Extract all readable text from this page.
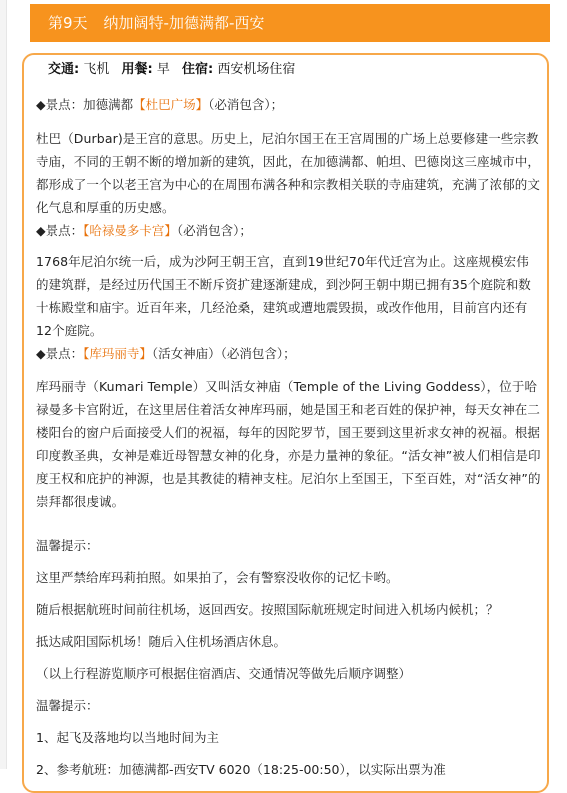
第9天 纳加阔特-加德满都-西安
交通: 飞机 用餐: 早 住宿: 西安机场住宿

◆景点：加德满都【杜巴广场】（必消包含）；

杜巴（Durbar)是王宫的意思。历史上，尼泊尔国王在王宫周围的广场上总要修建一些宗教寺庙，不同的王朝不断的增加新的建筑，因此，在加德满都、帕坦、巴德岗这三座城市中，都形成了一个以老王宫为中心的在周围布满各种和宗教相关联的寺庙建筑，充满了浓郁的文化气息和厚重的历史感。

◆景点：【哈禄曼多卡宫】（必消包含）；

1768年尼泊尔统一后，成为沙阿王朝王宫，直到19世纪70年代迁宫为止。这座规模宏伟的建筑群，是经过历代国王不断斥资扩建逐渐建成，到沙阿王朝中期已拥有35个庭院和数十栋殿堂和庙宇。近百年来，几经沧桑，建筑或遭地震毁损，或改作他用，目前宫内还有12个庭院。

◆景点：【库玛丽寺】（活女神庙）（必消包含）；

库玛丽寺（Kumari Temple）又叫活女神庙（Temple of the Living Goddess），位于哈禄曼多卡宫附近，在这里居住着活女神库玛丽，她是国王和老百姓的保护神，每天女神在二楼阳台的窗户后面接受人们的祝福，每年的因陀罗节，国王要到这里祈求女神的祝福。根据印度教圣典，女神是难近母智慧女神的化身，亦是力量神的象征。“活女神”被人们相信是印度王权和庇护的神源，也是其教徒的精神支柱。尼泊尔上至国王，下至百姓，对“活女神”的崇拜都很虔诚。

温馨提示：

这里严禁给库玛莉拍照。如果拍了，会有警察没收你的记忆卡哟。

随后根据航班时间前往机场，返回西安。按照国际航班规定时间进入机场内候机；？

抵达咸阳国际机场！随后入住机场酒店休息。

（以上行程游览顺序可根据住宿酒店、交通情况等做先后顺序调整）

温馨提示：

1、起飞及落地均以当地时间为主

2、参考航班：加德满都-西安TV 6020（18:25-00:50），以实际出票为准
